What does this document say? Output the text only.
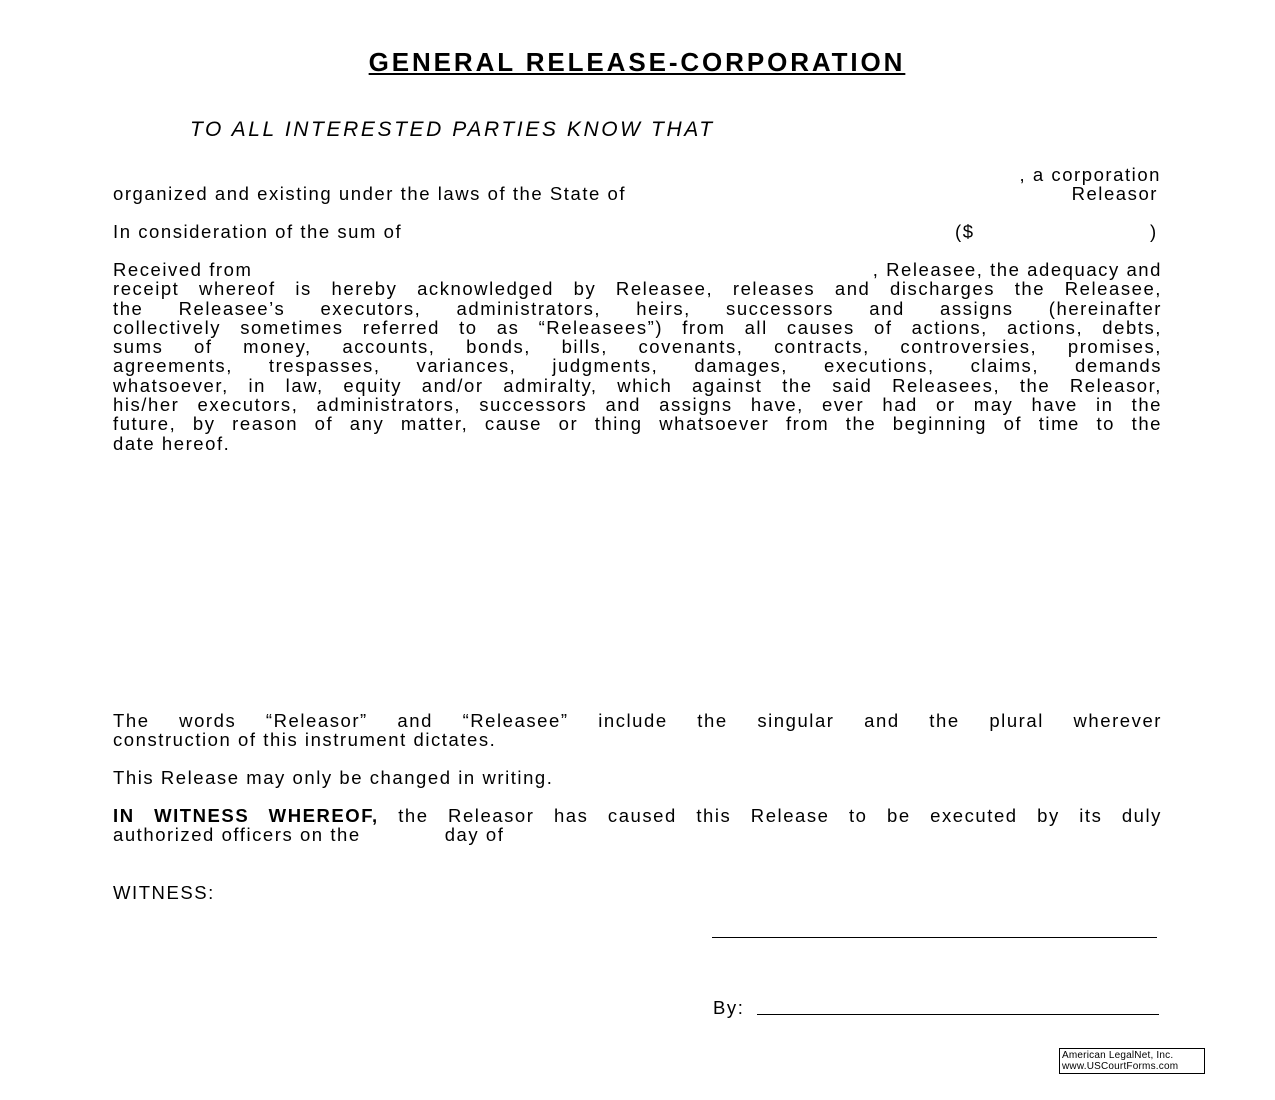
GENERAL RELEASE-CORPORATION
TO ALL INTERESTED PARTIES KNOW THAT
, a corporation
organized and existing under the laws of the State of	Releasor
In consideration of the sum of	($	)
Received from	, Releasee, the adequacy and
receipt whereof is hereby acknowledged by Releasee, releases and discharges the Releasee,
the Releasee’s executors, administrators, heirs, successors and assigns (hereinafter
collectively sometimes referred to as “Releasees”) from all causes of actions, actions, debts,
sums of money, accounts, bonds, bills, covenants, contracts, controversies, promises,
agreements, trespasses, variances, judgments, damages, executions, claims, demands
whatsoever, in law, equity and/or admiralty, which against the said Releasees, the Releasor,
his/her executors, administrators, successors and assigns have, ever had or may have in the
future, by reason of any matter, cause or thing whatsoever from the beginning of time to the
date hereof.
The words “Releasor” and “Releasee” include the singular and the plural wherever
construction of this instrument dictates.
This Release may only be changed in writing.
IN WITNESS WHEREOF, the Releasor has caused this Release to be executed by its duly
authorized officers on the	day of
WITNESS:
By:
American LegalNet, Inc.
www.USCourtForms.com
